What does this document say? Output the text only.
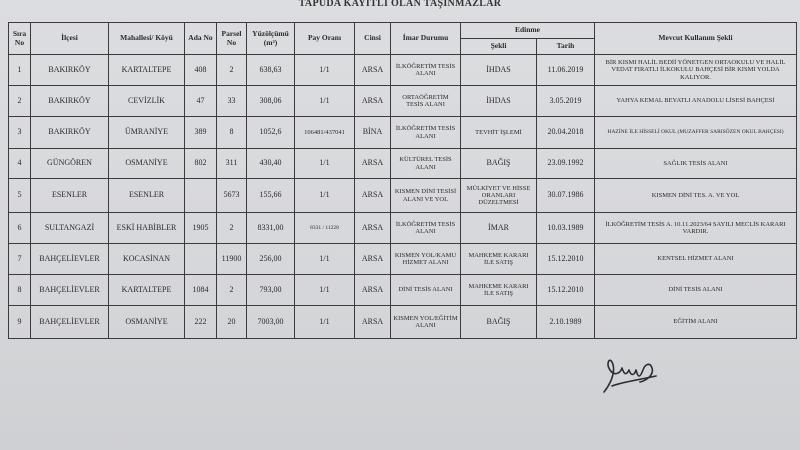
TAPUDA KAYITLI OLAN TAŞINMAZLAR
Sıra No	İlçesi	Mahallesi/ Köyü	Ada No	Parsel No	Yüzölçümü (m²)	Pay Oranı	Cinsi	İmar Durumu	Edinme		Mevcut Kullanım Şekli
									Şekli	Tarih	
1	BAKIRKÖY	KARTALTEPE	408	2	638,63	1/1	ARSA	İLKÖĞRETİM TESİS ALANI	İHDAS	11.06.2019	BİR KISMI HALİL BEDİİ YÖNETGEN ORTAOKULU VE HALİL VEDAT FIRATLI İLKOKULU BAHÇESİ BİR KISMI YOLDA KALIYOR.
2	BAKIRKÖY	CEVİZLİK	47	33	308,06	1/1	ARSA	ORTAÖĞRETİM TESİS ALANI	İHDAS	3.05.2019	YAHYA KEMAL BEYATLI ANADOLU LİSESİ BAHÇESİ
3	BAKIRKÖY	ÜMRANİYE	389	8	1052,6	106481/437041	BİNA	İLKÖĞRETİM TESİS ALANI	TEVHİT İŞLEMİ	20.04.2018	HAZİNE İLE HİSSELİ OKUL (MUZAFFER SARISÖZEN OKUL BAHÇESI)
4	GÜNGÖREN	OSMANİYE	802	311	430,40	1/1	ARSA	KÜLTÜREL TESİS ALANI	BAĞIŞ	23.09.1992	SAĞLIK TESİS ALANI
5	ESENLER	ESENLER		5673	155,66	1/1	ARSA	KISMEN DİNİ TESİSİ ALANI VE YOL	MÜLKİYET VE HİSSE ORANLARI DÜZELTMESİ	30.07.1986	KISMEN DİNİ TES. A. VE YOL
6	SULTANGAZİ	ESKİ HABİBLER	1905	2	8331,00	8331 / 11228	ARSA	İLKÖĞRETİM TESİS ALANI	İMAR	10.03.1989	İLKÖĞRETİM TESİS A. 10.11.2023/64 SAYILI MECLİS KARARI VARDIR.
7	BAHÇELİEVLER	KOCASİNAN		11900	256,00	1/1	ARSA	KISMEN YOL/KAMU HİZMET ALANI	MAHKEME KARARI İLE SATIŞ	15.12.2010	KENTSEL HİZMET ALANI
8	BAHÇELİEVLER	KARTALTEPE	1084	2	793,00	1/1	ARSA	DİNİ TESİS ALANI	MAHKEME KARARI İLE SATIŞ	15.12.2010	DİNİ TESİS ALANI
9	BAHÇELİEVLER	OSMANİYE	222	20	7003,00	1/1	ARSA	KISMEN YOL/EĞİTİM ALANI	BAĞIŞ	2.10.1989	EĞİTİM ALANI
